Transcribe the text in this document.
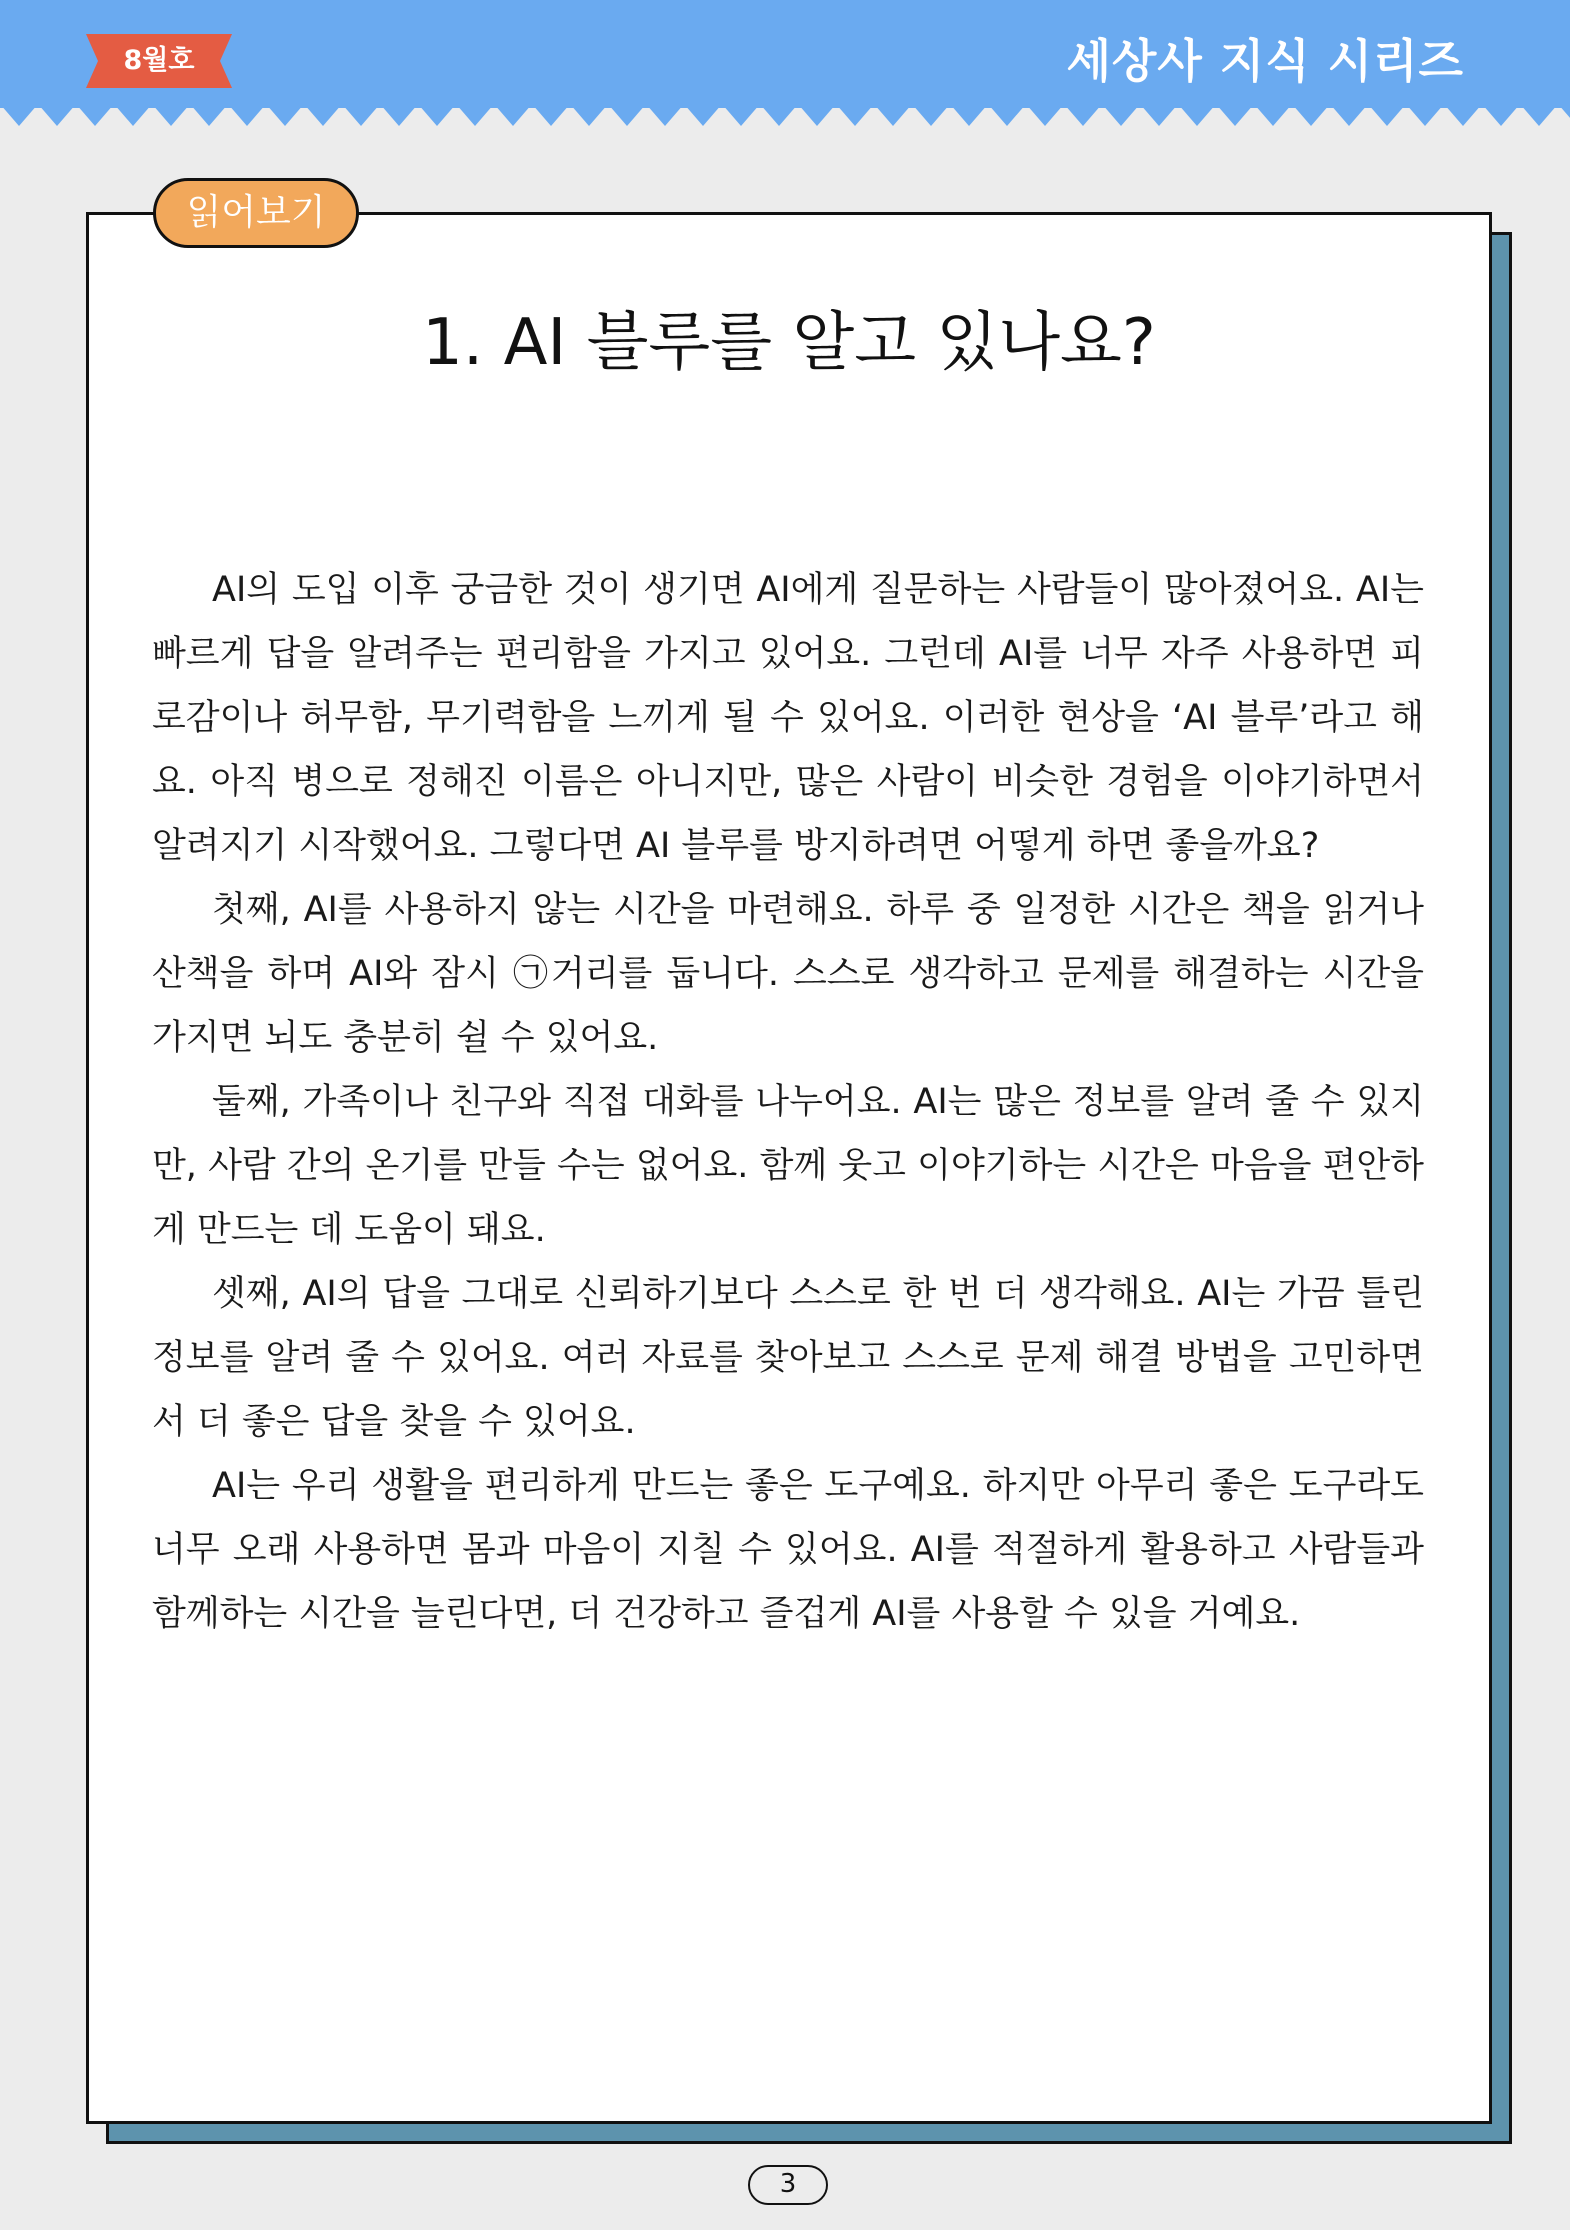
8월호	세상사 지식 시리즈
읽어보기
1. AI 블루를 알고 있나요?

AI의 도입 이후 궁금한 것이 생기면 AI에게 질문하는 사람들이 많아졌어요. AI는 빠르게 답을 알려주는 편리함을 가지고 있어요. 그런데 AI를 너무 자주 사용하면 피로감이나 허무함, 무기력함을 느끼게 될 수 있어요. 이러한 현상을 ‘AI 블루’라고 해요. 아직 병으로 정해진 이름은 아니지만, 많은 사람이 비슷한 경험을 이야기하면서 알려지기 시작했어요. 그렇다면 AI 블루를 방지하려면 어떻게 하면 좋을까요?

첫째, AI를 사용하지 않는 시간을 마련해요. 하루 중 일정한 시간은 책을 읽거나 산책을 하며 AI와 잠시 ㉠거리를 둡니다. 스스로 생각하고 문제를 해결하는 시간을 가지면 뇌도 충분히 쉴 수 있어요.

둘째, 가족이나 친구와 직접 대화를 나누어요. AI는 많은 정보를 알려 줄 수 있지만, 사람 간의 온기를 만들 수는 없어요. 함께 웃고 이야기하는 시간은 마음을 편안하게 만드는 데 도움이 돼요.

셋째, AI의 답을 그대로 신뢰하기보다 스스로 한 번 더 생각해요. AI는 가끔 틀린 정보를 알려 줄 수 있어요. 여러 자료를 찾아보고 스스로 문제 해결 방법을 고민하면서 더 좋은 답을 찾을 수 있어요.

AI는 우리 생활을 편리하게 만드는 좋은 도구예요. 하지만 아무리 좋은 도구라도 너무 오래 사용하면 몸과 마음이 지칠 수 있어요. AI를 적절하게 활용하고 사람들과 함께하는 시간을 늘린다면, 더 건강하고 즐겁게 AI를 사용할 수 있을 거예요.

3
